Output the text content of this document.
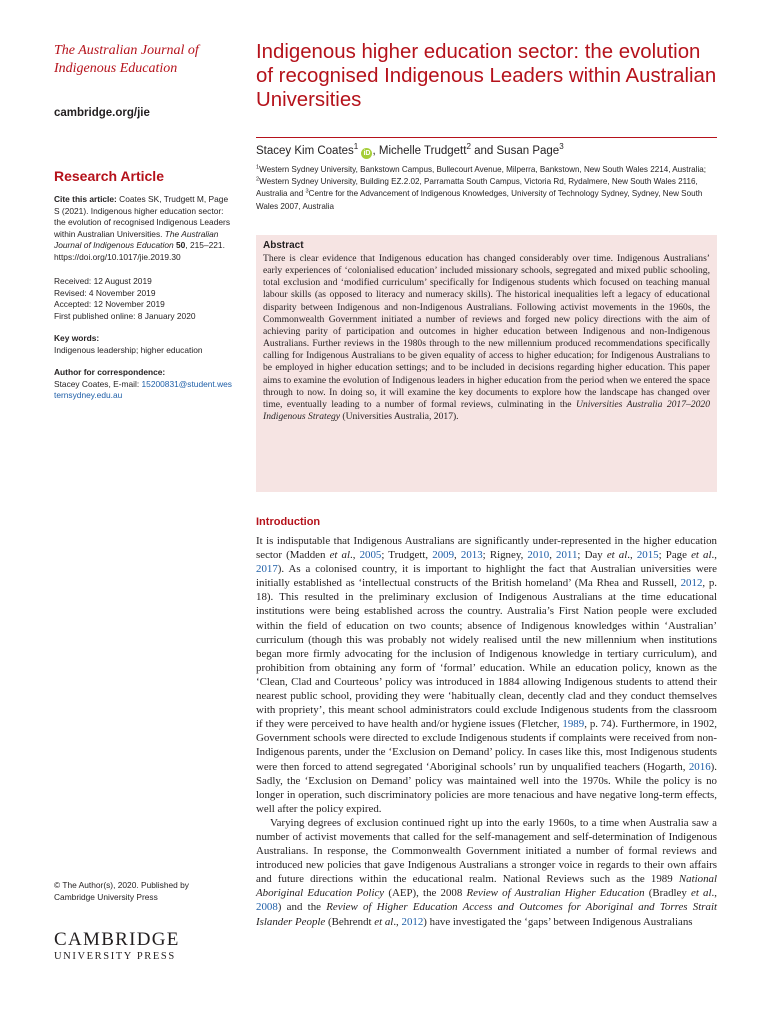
The Australian Journal of Indigenous Education
cambridge.org/jie
Research Article
Cite this article: Coates SK, Trudgett M, Page S (2021). Indigenous higher education sector: the evolution of recognised Indigenous Leaders within Australian Universities. The Australian Journal of Indigenous Education 50, 215–221. https://doi.org/10.1017/jie.2019.30
Received: 12 August 2019
Revised: 4 November 2019
Accepted: 12 November 2019
First published online: 8 January 2020
Key words:
Indigenous leadership; higher education
Author for correspondence:
Stacey Coates, E-mail: 15200831@student.westernsydney.edu.au
© The Author(s), 2020. Published by
Cambridge University Press
CAMBRIDGE
UNIVERSITY PRESS
Indigenous higher education sector: the evolution of recognised Indigenous Leaders within Australian Universities
Stacey Kim Coates$^1$ iD , Michelle Trudgett$^2$ and Susan Page$^3$
$^1$Western Sydney University, Bankstown Campus, Bullecourt Avenue, Milperra, Bankstown, New South Wales 2214, Australia; $^2$Western Sydney University, Building EZ.2.02, Parramatta South Campus, Victoria Rd, Rydalmere, New South Wales 2116, Australia and $^3$Centre for the Advancement of Indigenous Knowledges, University of Technology Sydney, Sydney, New South Wales 2007, Australia
Abstract
There is clear evidence that Indigenous education has changed considerably over time. Indigenous Australians’ early experiences of ‘colonialised education’ included missionary schools, segregated and mixed public schooling, total exclusion and ‘modified curriculum’ specifically for Indigenous students which focused on teaching manual labour skills (as opposed to literacy and numeracy skills). The historical inequalities left a legacy of educational disparity between Indigenous and non-Indigenous Australians. Following activist movements in the 1960s, the Commonwealth Government initiated a number of reviews and forged new policy directions with the aim of achieving parity of participation and outcomes in higher education between Indigenous and non-Indigenous Australians. Further reviews in the 1980s through to the new millennium produced recommendations specifically calling for Indigenous Australians to be given equality of access to higher education; for Indigenous Australians to be employed in higher education settings; and to be included in decisions regarding higher education. This paper aims to examine the evolution of Indigenous leaders in higher education from the period when we entered the space through to now. In doing so, it will examine the key documents to explore how the landscape has changed over time, eventually leading to a number of formal reviews, culminating in the Universities Australia 2017–2020 Indigenous Strategy (Universities Australia, 2017).
Introduction

It is indisputable that Indigenous Australians are significantly under-represented in the higher education sector (Madden et al., 2005; Trudgett, 2009, 2013; Rigney, 2010, 2011; Day et al., 2015; Page et al., 2017). As a colonised country, it is important to highlight the fact that Australian universities were initially established as ‘intellectual constructs of the British homeland’ (Ma Rhea and Russell, 2012, p. 18). This resulted in the preliminary exclusion of Indigenous Australians at the time educational institutions were being established across the country. Australia’s First Nation people were excluded within the field of education on two counts; absence of Indigenous knowledges within ‘Australian’ curriculum (though this was probably not widely realised until the new millennium when institutions began more firmly advocating for the inclusion of Indigenous knowledge in tertiary curriculum), and prohibition from obtaining any form of ‘formal’ education. While an education policy, known as the ‘Clean, Clad and Courteous’ policy was introduced in 1884 allowing Indigenous students to attend their nearest public school, providing they were ‘habitually clean, decently clad and they conduct themselves with propriety’, this meant school administrators could exclude Indigenous students from the classroom if they were perceived to have health and/or hygiene issues (Fletcher, 1989, p. 74). Furthermore, in 1902, Government schools were directed to exclude Indigenous students if complaints were received from non-Indigenous parents, under the ‘Exclusion on Demand’ policy. In cases like this, most Indigenous students were then forced to attend segregated ‘Aboriginal schools’ run by unqualified teachers (Hogarth, 2016). Sadly, the ‘Exclusion on Demand’ policy was maintained well into the 1970s. While the policy is no longer in operation, such discriminatory policies are more tenacious and have negative long-term effects, well after the policy expired.

Varying degrees of exclusion continued right up into the early 1960s, to a time when Australia saw a number of activist movements that called for the self-management and self-determination of Indigenous Australians. In response, the Commonwealth Government initiated a number of formal reviews and introduced new policies that gave Indigenous Australians a stronger voice in regards to their own affairs and future directions within the educational realm. National Reviews such as the 1989 National Aboriginal Education Policy (AEP), the 2008 Review of Australian Higher Education (Bradley et al., 2008) and the Review of Higher Education Access and Outcomes for Aboriginal and Torres Strait Islander People (Behrendt et al., 2012) have investigated the ‘gaps’ between Indigenous Australians
